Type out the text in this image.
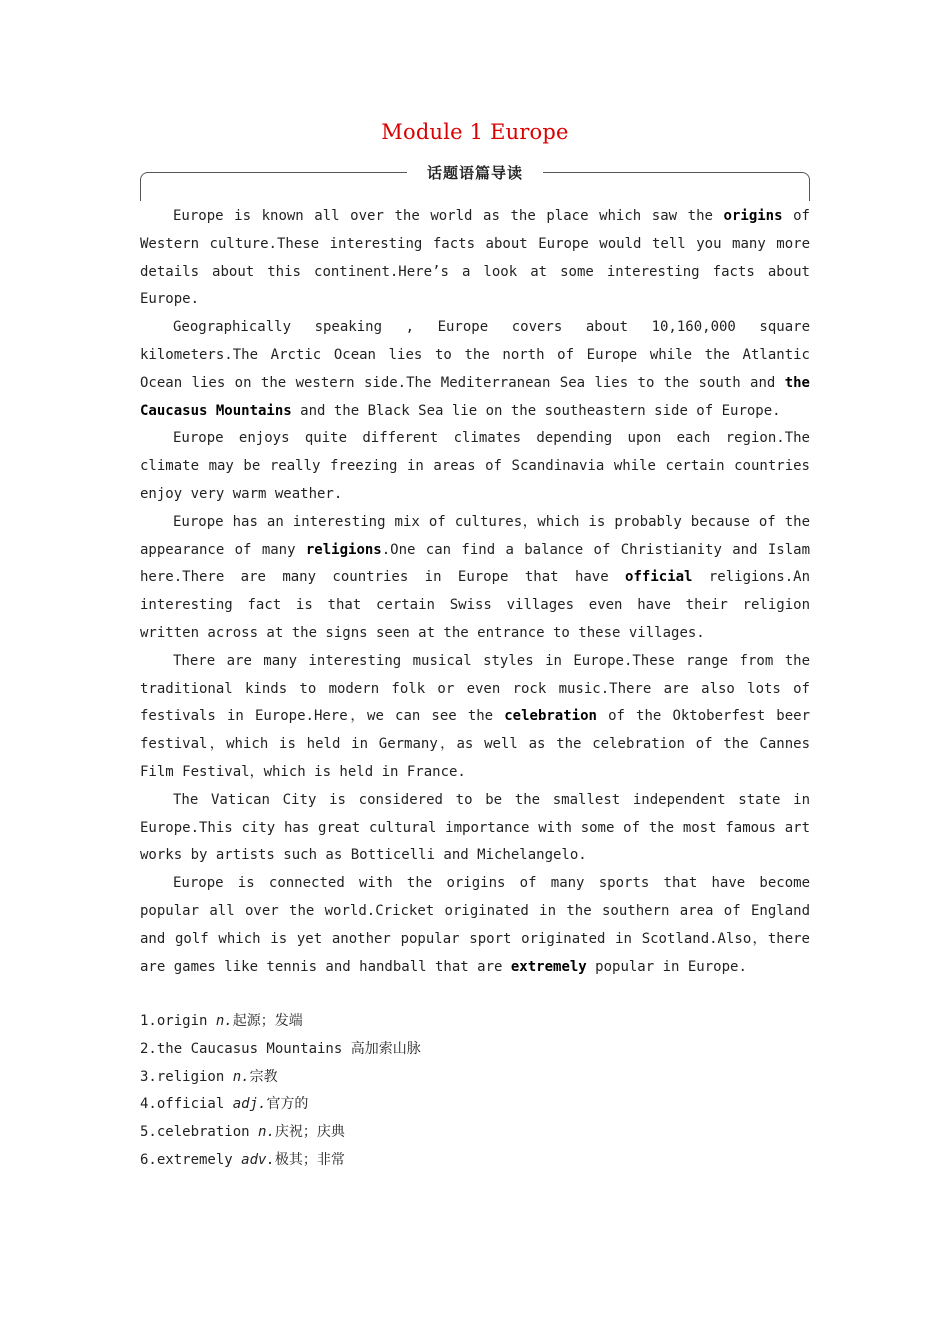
Module 1 Europe
话题语篇导读

Europe is known all over the world as the place which saw the origins of Western culture.These interesting facts about Europe would tell you many more details about this continent.Here’s a look at some interesting facts about Europe.

Geographically speaking , Europe covers about 10,160,000 square kilometers.The Arctic Ocean lies to the north of Europe while the Atlantic Ocean lies on the western side.The Mediterranean Sea lies to the south and the Caucasus Mountains and the Black Sea lie on the southeastern side of Europe.

Europe enjoys quite different climates depending upon each region.The climate may be really freezing in areas of Scandinavia while certain countries enjoy very warm weather.

Europe has an interesting mix of cultures，which is probably because of the appearance of many religions.One can find a balance of Christianity and Islam here.There are many countries in Europe that have official religions.An interesting fact is that certain Swiss villages even have their religion written across at the signs seen at the entrance to these villages.

There are many interesting musical styles in Europe.These range from the traditional kinds to modern folk or even rock music.There are also lots of festivals in Europe.Here，we can see the celebration of the Oktoberfest beer festival，which is held in Germany，as well as the celebration of the Cannes Film Festival，which is held in France.

The Vatican City is considered to be the smallest independent state in Europe.This city has great cultural importance with some of the most famous art works by artists such as Botticelli and Michelangelo.

Europe is connected with the origins of many sports that have become popular all over the world.Cricket originated in the southern area of England and golf which is yet another popular sport originated in Scotland.Also，there are games like tennis and handball that are extremely popular in Europe.

1.origin n.起源；发端
2.the Caucasus Mountains 高加索山脉
3.religion n.宗教
4.official adj.官方的
5.celebration n.庆祝；庆典
6.extremely adv.极其；非常
